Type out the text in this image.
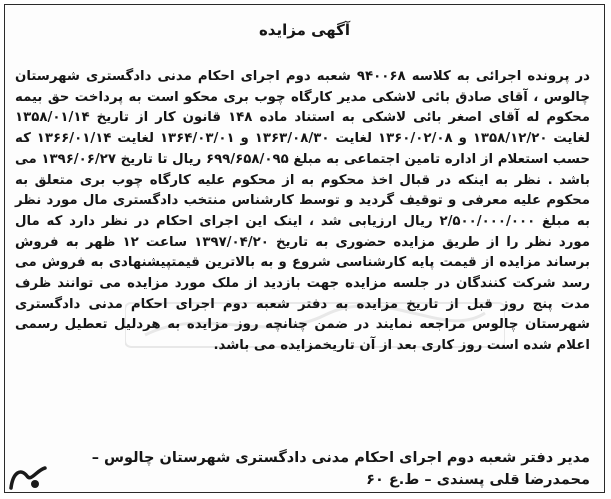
آگهی مزایده
در پرونده اجرائی به کلاسه ۹۴۰۰۶۸ شعبه دوم اجرای احکام مدنی دادگستری شهرستان چالوس ، آقای صادق بائی لاشکی مدیر کارگاه چوب بری محکو است به پرداخت حق بیمه محکوم له آقای اصغر بائی لاشکی به استناد ماده ۱۴۸ قانون کار از تاریخ ۱۳۵۸/۰۱/۱۴ لغایت ۱۳۵۸/۱۲/۲۰ و ۱۳۶۰/۰۲/۰۸ لغایت ۱۳۶۳/۰۸/۳۰ و ۱۳۶۴/۰۳/۰۱ لغایت ۱۳۶۶/۰۱/۱۴ که حسب استعلام از اداره تامین اجتماعی به مبلغ ۶۹۹/۶۵۸/۰۹۵ ریال تا تاریخ ۱۳۹۶/۰۶/۲۷ می باشد . نظر به اینکه در قبال اخذ محکوم به از محکوم علیه کارگاه چوب بری متعلق به محکوم علیه معرفی و توقیف گردید و توسط کارشناس منتخب دادگستری مال مورد نظر به مبلغ ۲/۵۰۰/۰۰۰/۰۰۰ ریال ارزیابی شد ، اینک این اجرای احکام در نظر دارد که مال مورد نظر را از طریق مزایده حضوری به تاریخ ۱۳۹۷/۰۴/۲۰ ساعت ۱۲ ظهر به فروش برساند مزایده از قیمت پایه کارشناسی شروع و به بالاترین قیمتپیشنهادی به فروش می رسد شرکت کنندگان در جلسه مزایده جهت بازدید از ملک مورد مزایده می توانند ظرف مدت پنج روز قبل از تاریخ مزایده به دفتر شعبه دوم اجرای احکام مدنی دادگستری شهرستان چالوس مراجعه نمایند در ضمن چنانچه روز مزایده به هردلیل تعطیل رسمی اعلام شده است روز کاری بعد از آن تاریخمزایده می باشد.
مدیر دفتر شعبه دوم اجرای احکام مدنی دادگستری شهرستان چالوس –
محمدرضا قلی پسندی – ط.ع ۶۰
